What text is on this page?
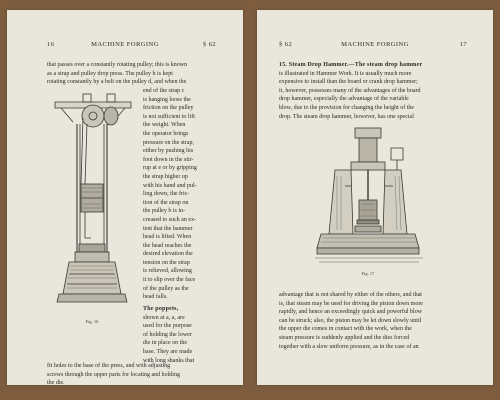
16	MACHINE FORGING	§ 62
that passes over a constantly rotating pulley; this is known
as a strap and pulley drop press. The pulley b is kept
rotating constantly by a belt on the pulley d, and when the
end of the strap c
is hanging loose the
friction on the pulley
is not sufficient to lift
the weight. When
the operator brings
pressure on the strap,
either by pushing his
foot down in the stir-
rup at e or by gripping
the strap higher up
with his hand and pul-
ling down, the fric-
tion of the strap on
the pulley b is in-
creased to such an ex-
tent that the hammer
head is lifted. When
the head reaches the
desired elevation the
tension on the strap
is relieved, allowing
it to slip over the face
of the pulley as the
head falls.
The poppets,
shown at a, a, are
used for the purpose
of holding the lower
die in place on the
base. They are made
with long shanks that
fit holes to the base of the press, and with adjusting
screws through the upper parts for locating and holding
the die.
Fig. 16
§ 62	MACHINE FORGING	17
15. Steam Drop Hammer.—The steam drop hammer
is illustrated in Hammer Work. It is usually much more
expensive to install than the board or crank drop hammer;
it, however, possesses many of the advantages of the board
drop hammer, especially the advantage of the variable
blow, due to the provision for changing the height of the
drop. The steam drop hammer, however, has one special
Fig. 17
advantage that is not shared by either of the others, and that
is, that steam may be used for driving the piston down more
rapidly, and hence an exceedingly quick and powerful blow
can be struck; also, the piston may be let down slowly until
the upper die comes in contact with the work, when the
steam pressure is suddenly applied and the dies forced
together with a slow uniform pressure, as in the case of an
